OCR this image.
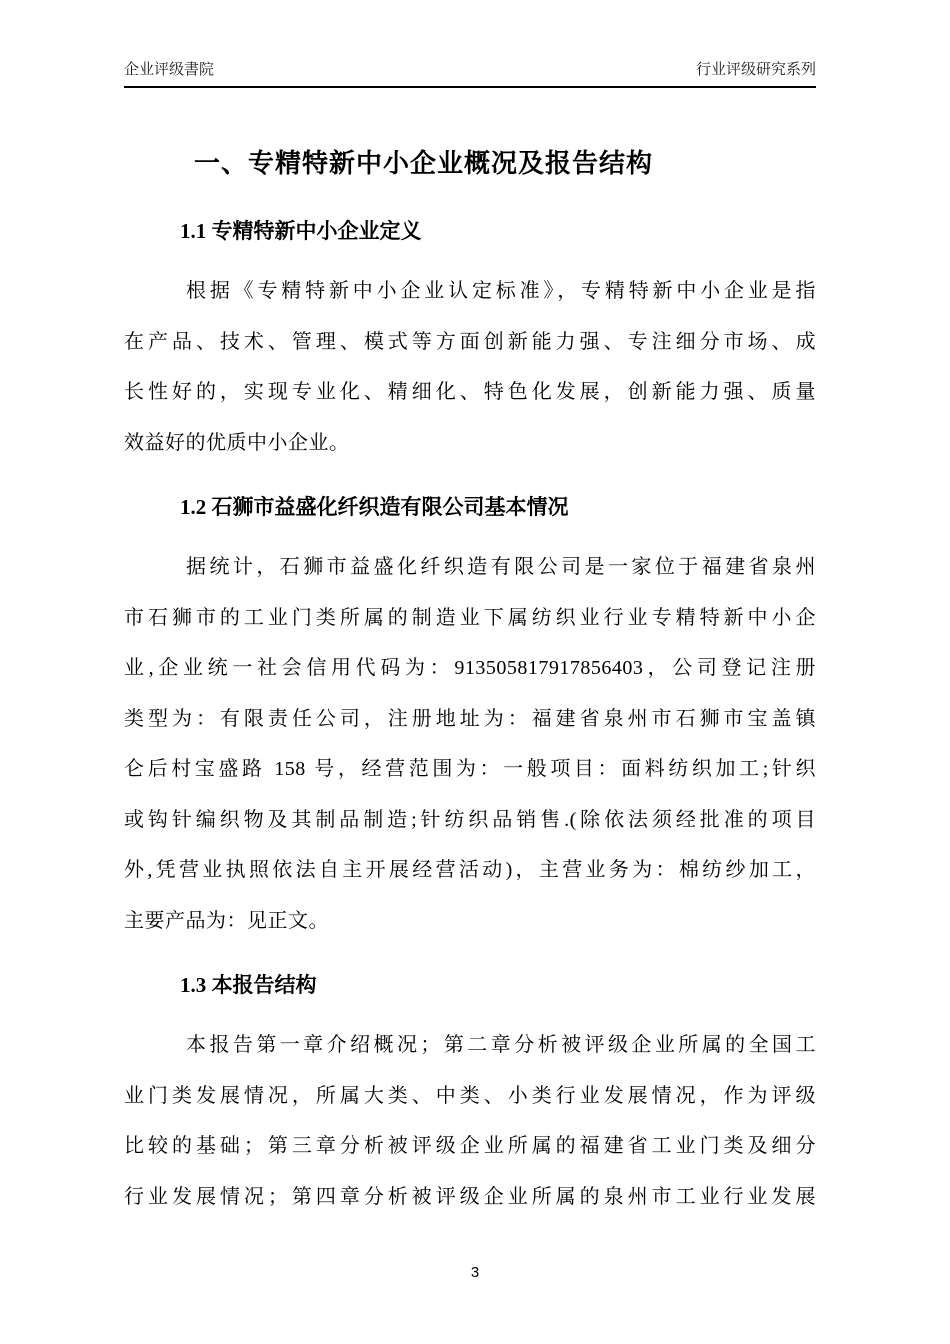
企业评级書院	行业评级研究系列
一、专精特新中小企业概况及报告结构
1.1 专精特新中小企业定义
根据《专精特新中小企业认定标准》，专精特新中小企业是指
在产品、技术、管理、模式等方面创新能力强、专注细分市场、成
长性好的，实现专业化、精细化、特色化发展，创新能力强、质量
效益好的优质中小企业。
1.2 石狮市益盛化纤织造有限公司基本情况
据统计，石狮市益盛化纤织造有限公司是一家位于福建省泉州
市石狮市的工业门类所属的制造业下属纺织业行业专精特新中小企
业,企业统一社会信用代码为：913505817917856403，公司登记注册
类型为：有限责任公司，注册地址为：福建省泉州市石狮市宝盖镇
仑后村宝盛路 158 号，经营范围为：一般项目：面料纺织加工;针织
或钩针编织物及其制品制造;针纺织品销售.(除依法须经批准的项目
外,凭营业执照依法自主开展经营活动)，主营业务为：棉纺纱加工，
主要产品为：见正文。
1.3 本报告结构
本报告第一章介绍概况；第二章分析被评级企业所属的全国工
业门类发展情况，所属大类、中类、小类行业发展情况，作为评级
比较的基础；第三章分析被评级企业所属的福建省工业门类及细分
行业发展情况；第四章分析被评级企业所属的泉州市工业行业发展
3
